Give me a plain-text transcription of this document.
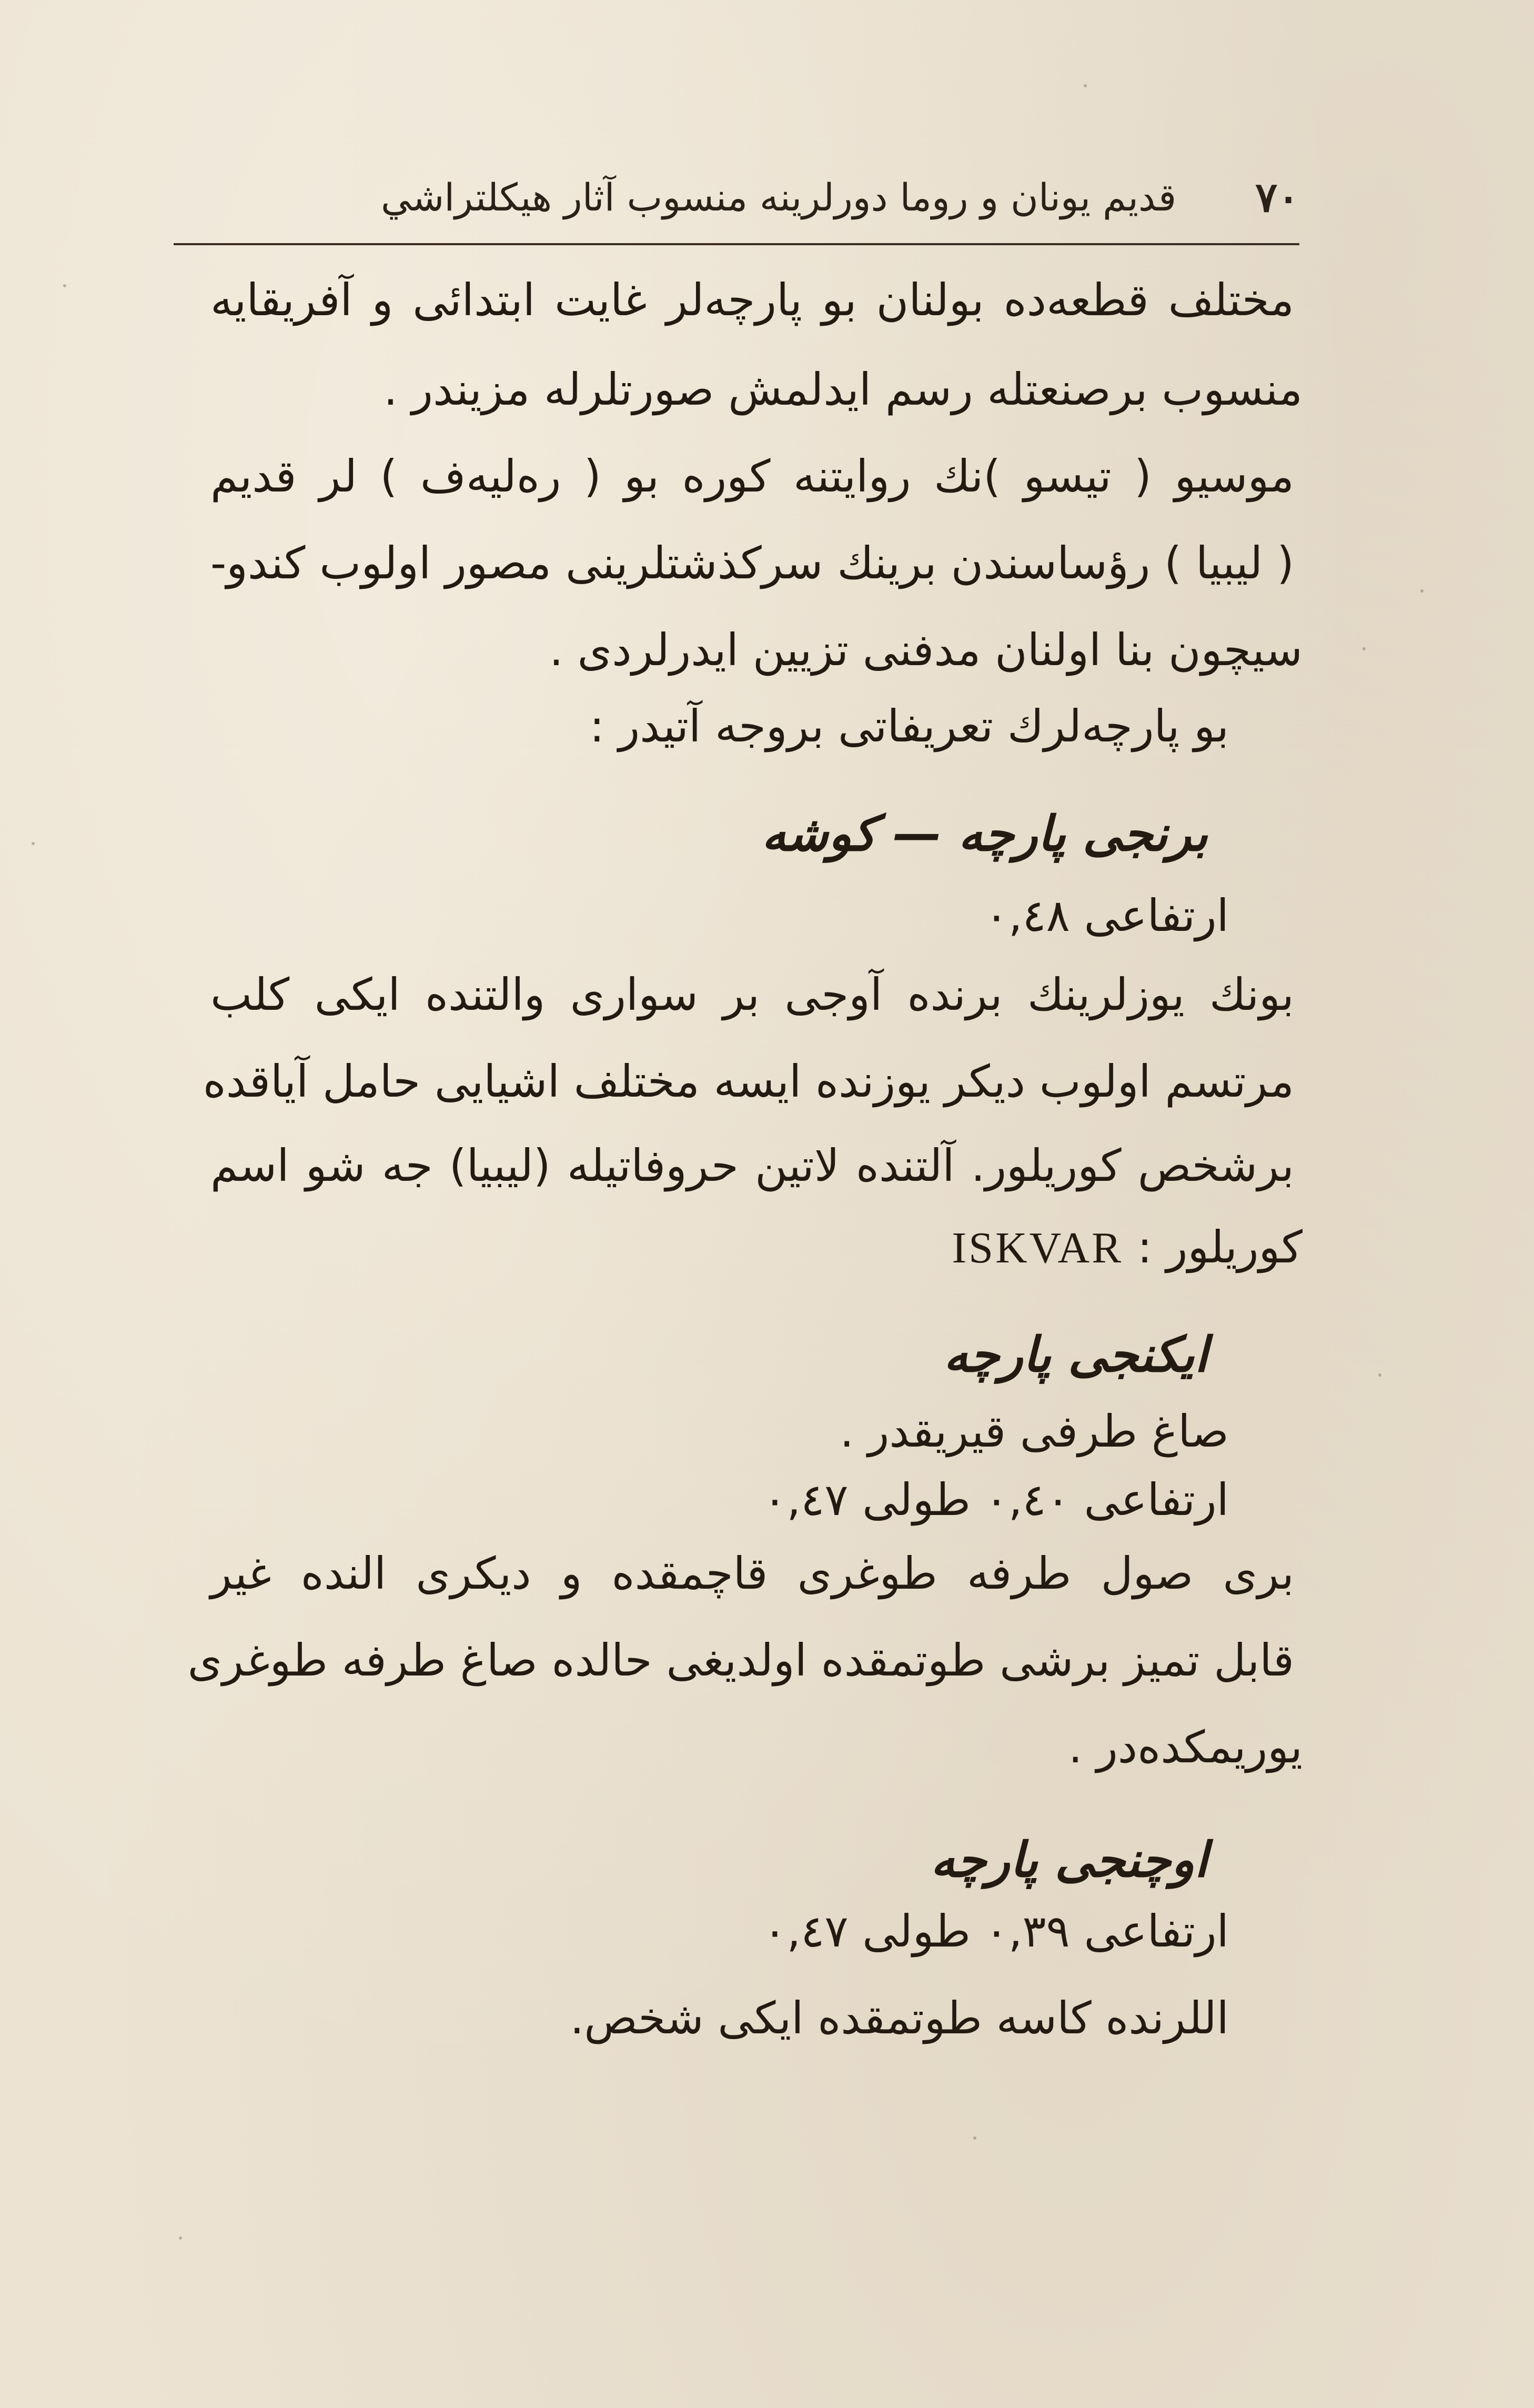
٧٠
قديم يونان و روما دورلرينه منسوب آثار هيكلتراشي
مختلف قطعه‌ده بولنان بو پارچه‌لر غايت ابتدائى و آفريقايه
منسوب برصنعتله رسم ايدلمش صورتلرله مزيندر .
موسيو ( تيسو )نك روايتنه كوره بو ( ره‌ليه‌ف ) لر قديم
( ليبيا ) رؤساسندن برينك سركذشتلرينى مصور اولوب كندو-
سيچون بنا اولنان مدفنى تزيين ايدرلردى .
بو پارچه‌لرك تعريفاتى بروجه آتيدر :
برنجى پارچه — كوشه
ارتفاعى ٠,٤٨
بونك يوزلرينك برنده آوجى بر سوارى والتنده ايكى كلب
مرتسم اولوب ديكر يوزنده ايسه مختلف اشيايى حامل آياقده
برشخص كوريلور. آلتنده لاتين حروفاتيله (ليبيا) جه شو اسم
كوريلور : ISKVAR
ايكنجى پارچه
صاغ طرفى قيريقدر .
ارتفاعى ٠,٤٠ طولى ٠,٤٧
برى صول طرفه طوغرى قاچمقده و ديكرى النده غير
قابل تميز برشى طوتمقده اولديغى حالده صاغ طرفه طوغرى
يوريمكده‌در .
اوچنجى پارچه
ارتفاعى ٠,٣٩ طولى ٠,٤٧
اللرنده كاسه طوتمقده ايكى شخص.
